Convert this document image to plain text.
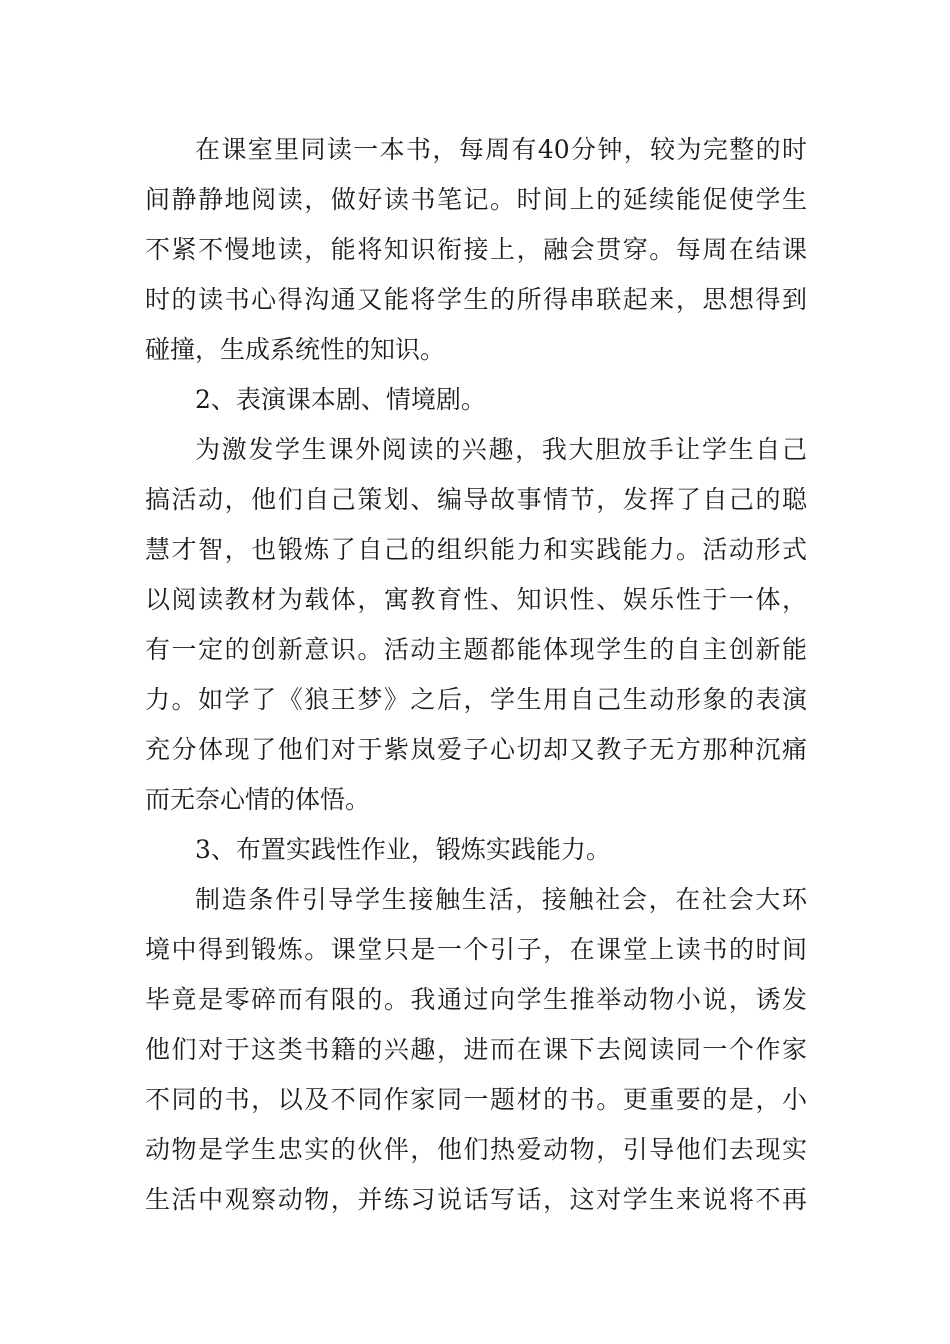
在课室里同读一本书，每周有40分钟，较为完整的时
间静静地阅读，做好读书笔记。时间上的延续能促使学生
不紧不慢地读，能将知识衔接上，融会贯穿。每周在结课
时的读书心得沟通又能将学生的所得串联起来，思想得到
碰撞，生成系统性的知识。
2、表演课本剧、情境剧。
为激发学生课外阅读的兴趣，我大胆放手让学生自己
搞活动，他们自己策划、编导故事情节，发挥了自己的聪
慧才智，也锻炼了自己的组织能力和实践能力。活动形式
以阅读教材为载体，寓教育性、知识性、娱乐性于一体，
有一定的创新意识。活动主题都能体现学生的自主创新能
力。如学了《狼王梦》之后，学生用自己生动形象的表演
充分体现了他们对于紫岚爱子心切却又教子无方那种沉痛
而无奈心情的体悟。
3、布置实践性作业，锻炼实践能力。
制造条件引导学生接触生活，接触社会，在社会大环
境中得到锻炼。课堂只是一个引子，在课堂上读书的时间
毕竟是零碎而有限的。我通过向学生推举动物小说，诱发
他们对于这类书籍的兴趣，进而在课下去阅读同一个作家
不同的书，以及不同作家同一题材的书。更重要的是，小
动物是学生忠实的伙伴，他们热爱动物，引导他们去现实
生活中观察动物，并练习说话写话，这对学生来说将不再
